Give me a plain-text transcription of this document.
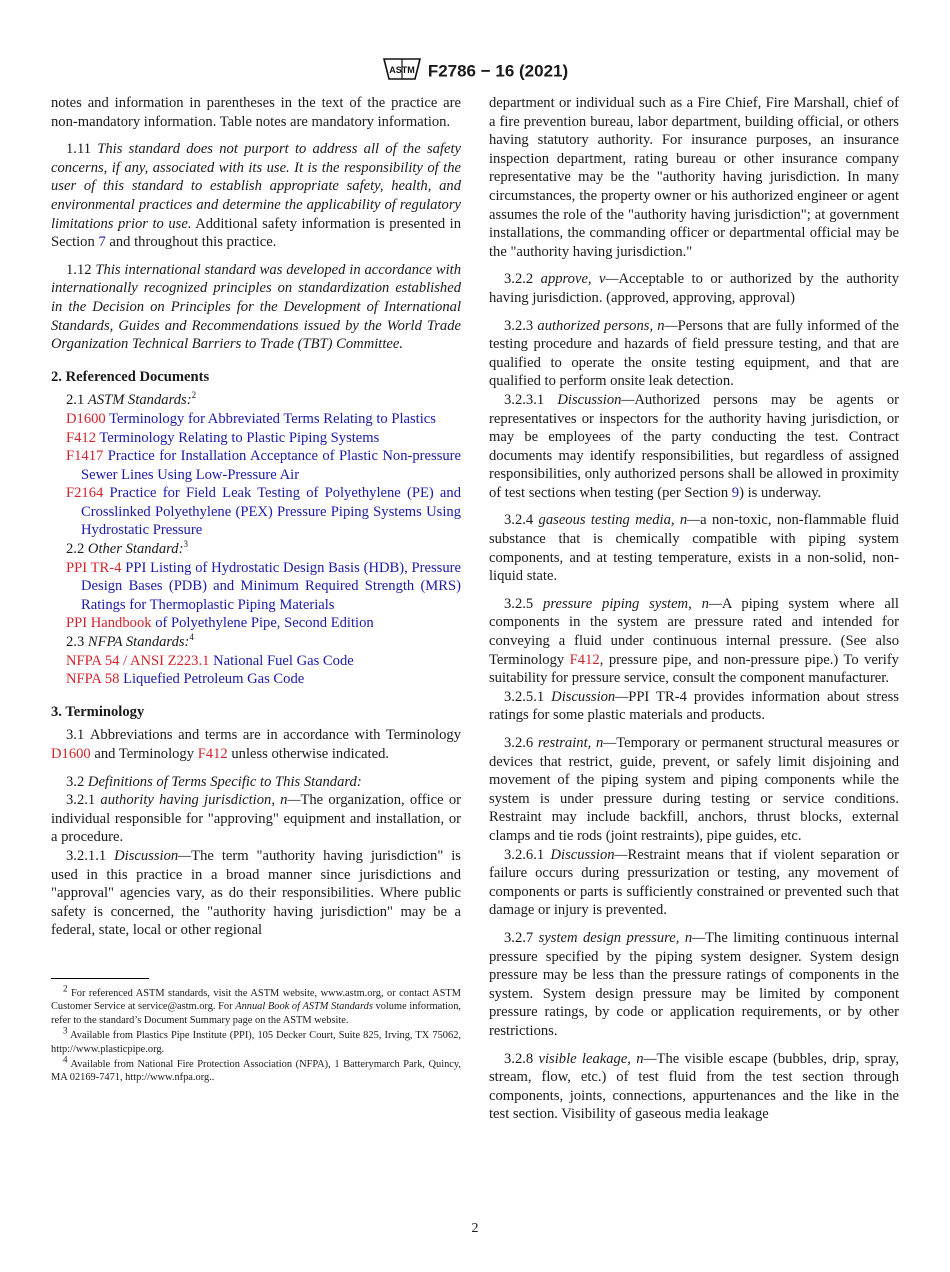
ASTM F2786 − 16 (2021)

notes and information in parentheses in the text of the practice are non-mandatory information. Table notes are mandatory information.

1.11 This standard does not purport to address all of the safety concerns, if any, associated with its use. It is the responsibility of the user of this standard to establish appropriate safety, health, and environmental practices and determine the applicability of regulatory limitations prior to use. Additional safety information is presented in Section 7 and throughout this practice.

1.12 This international standard was developed in accordance with internationally recognized principles on standardization established in the Decision on Principles for the Development of International Standards, Guides and Recommendations issued by the World Trade Organization Technical Barriers to Trade (TBT) Committee.

2. Referenced Documents

2.1 ASTM Standards:$^2$

D1600 Terminology for Abbreviated Terms Relating to Plastics

F412 Terminology Relating to Plastic Piping Systems

F1417 Practice for Installation Acceptance of Plastic Non-pressure Sewer Lines Using Low-Pressure Air

F2164 Practice for Field Leak Testing of Polyethylene (PE) and Crosslinked Polyethylene (PEX) Pressure Piping Systems Using Hydrostatic Pressure

2.2 Other Standard:$^3$

PPI TR-4 PPI Listing of Hydrostatic Design Basis (HDB), Pressure Design Bases (PDB) and Minimum Required Strength (MRS) Ratings for Thermoplastic Piping Materials

PPI Handbook of Polyethylene Pipe, Second Edition

2.3 NFPA Standards:$^4$

NFPA 54 / ANSI Z223.1 National Fuel Gas Code

NFPA 58 Liquefied Petroleum Gas Code

3. Terminology

3.1 Abbreviations and terms are in accordance with Terminology D1600 and Terminology F412 unless otherwise indicated.

3.2 Definitions of Terms Specific to This Standard:

3.2.1 authority having jurisdiction, n—The organization, office or individual responsible for "approving" equipment and installation, or a procedure.

3.2.1.1 Discussion—The term "authority having jurisdiction" is used in this practice in a broad manner since jurisdictions and "approval" agencies vary, as do their responsibilities. Where public safety is concerned, the "authority having jurisdiction" may be a federal, state, local or other regional

$^2$ For referenced ASTM standards, visit the ASTM website, www.astm.org, or contact ASTM Customer Service at service@astm.org. For Annual Book of ASTM Standards volume information, refer to the standard’s Document Summary page on the ASTM website.

$^3$ Available from Plastics Pipe Institute (PPI), 105 Decker Court, Suite 825, Irving, TX 75062, http://www.plasticpipe.org.

$^4$ Available from National Fire Protection Association (NFPA), 1 Batterymarch Park, Quincy, MA 02169-7471, http://www.nfpa.org..

department or individual such as a Fire Chief, Fire Marshall, chief of a fire prevention bureau, labor department, building official, or others having statutory authority. For insurance purposes, an insurance inspection department, rating bureau or other insurance company representative may be the "authority having jurisdiction. In many circumstances, the property owner or his authorized engineer or agent assumes the role of the "authority having jurisdiction"; at government installations, the commanding officer or departmental official may be the "authority having jurisdiction."

3.2.2 approve, v—Acceptable to or authorized by the authority having jurisdiction. (approved, approving, approval)

3.2.3 authorized persons, n—Persons that are fully informed of the testing procedure and hazards of field pressure testing, and that are qualified to operate the onsite testing equipment, and that are qualified to perform onsite leak detection.

3.2.3.1 Discussion—Authorized persons may be agents or representatives or inspectors for the authority having jurisdiction, or may be employees of the party conducting the test. Contract documents may identify responsibilities, but regardless of assigned responsibilities, only authorized persons shall be allowed in proximity of test sections when testing (per Section 9) is underway.

3.2.4 gaseous testing media, n—a non-toxic, non-flammable fluid substance that is chemically compatible with piping system components, and at testing temperature, exists in a non-solid, non-liquid state.

3.2.5 pressure piping system, n—A piping system where all components in the system are pressure rated and intended for conveying a fluid under continuous internal pressure. (See also Terminology F412, pressure pipe, and non-pressure pipe.) To verify suitability for pressure service, consult the component manufacturer.

3.2.5.1 Discussion—PPI TR-4 provides information about stress ratings for some plastic materials and products.

3.2.6 restraint, n—Temporary or permanent structural measures or devices that restrict, guide, prevent, or safely limit disjoining and movement of the piping system and piping components while the system is under pressure during testing or service conditions. Restraint may include backfill, anchors, thrust blocks, external clamps and tie rods (joint restraints), pipe guides, etc.

3.2.6.1 Discussion—Restraint means that if violent separation or failure occurs during pressurization or testing, any movement of components or parts is sufficiently constrained or prevented such that damage or injury is prevented.

3.2.7 system design pressure, n—The limiting continuous internal pressure specified by the piping system designer. System design pressure may be less than the pressure ratings of components in the system. System design pressure may be limited by component pressure ratings, by code or application requirements, or by other restrictions.

3.2.8 visible leakage, n—The visible escape (bubbles, drip, spray, stream, flow, etc.) of test fluid from the test section through components, joints, connections, appurtenances and the like in the test section. Visibility of gaseous media leakage

2
